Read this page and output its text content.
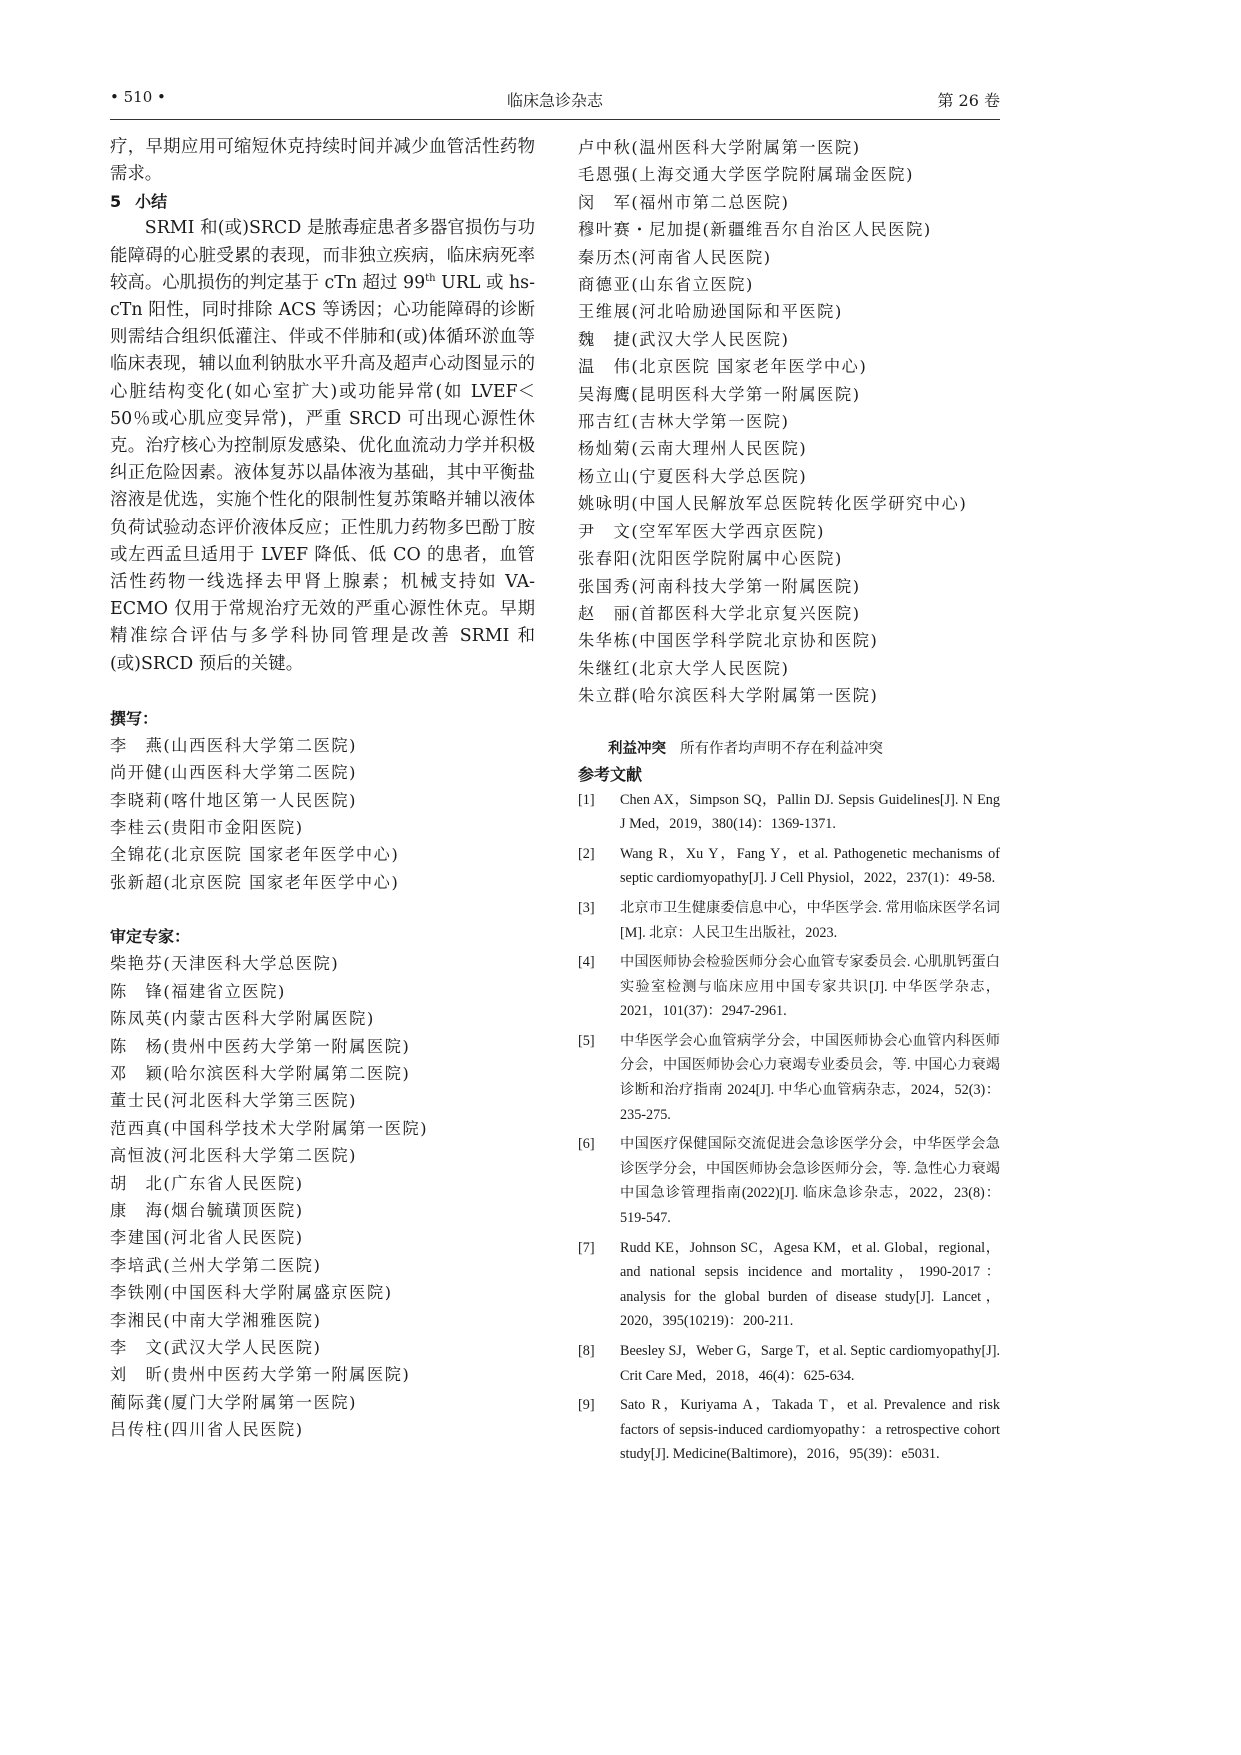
• 510 •	临床急诊杂志	第 26 卷

疗，早期应用可缩短休克持续时间并减少血管活性药物需求。

5 小结

SRMI 和(或)SRCD 是脓毒症患者多器官损伤与功能障碍的心脏受累的表现，而非独立疾病，临床病死率较高。心肌损伤的判定基于 cTn 超过 99th URL 或 hs-cTn 阳性，同时排除 ACS 等诱因；心功能障碍的诊断则需结合组织低灌注、伴或不伴肺和(或)体循环淤血等临床表现，辅以血利钠肽水平升高及超声心动图显示的心脏结构变化(如心室扩大)或功能异常(如 LVEF＜50％或心肌应变异常)，严重 SRCD 可出现心源性休克。治疗核心为控制原发感染、优化血流动力学并积极纠正危险因素。液体复苏以晶体液为基础，其中平衡盐溶液是优选，实施个性化的限制性复苏策略并辅以液体负荷试验动态评价液体反应；正性肌力药物多巴酚丁胺或左西孟旦适用于 LVEF 降低、低 CO 的患者，血管活性药物一线选择去甲肾上腺素；机械支持如 VA-ECMO 仅用于常规治疗无效的严重心源性休克。早期精准综合评估与多学科协同管理是改善 SRMI 和(或)SRCD 预后的关键。

撰写：
李　燕(山西医科大学第二医院)
尚开健(山西医科大学第二医院)
李晓莉(喀什地区第一人民医院)
李桂云(贵阳市金阳医院)
全锦花(北京医院 国家老年医学中心)
张新超(北京医院 国家老年医学中心)
审定专家：
柴艳芬(天津医科大学总医院)
陈　锋(福建省立医院)
陈凤英(内蒙古医科大学附属医院)
陈　杨(贵州中医药大学第一附属医院)
邓　颖(哈尔滨医科大学附属第二医院)
董士民(河北医科大学第三医院)
范西真(中国科学技术大学附属第一医院)
高恒波(河北医科大学第二医院)
胡　北(广东省人民医院)
康　海(烟台毓璜顶医院)
李建国(河北省人民医院)
李培武(兰州大学第二医院)
李铁刚(中国医科大学附属盛京医院)
李湘民(中南大学湘雅医院)
李　文(武汉大学人民医院)
刘　昕(贵州中医药大学第一附属医院)
蔺际龚(厦门大学附属第一医院)
吕传柱(四川省人民医院)
卢中秋(温州医科大学附属第一医院)
毛恩强(上海交通大学医学院附属瑞金医院)
闵　军(福州市第二总医院)
穆叶赛・尼加提(新疆维吾尔自治区人民医院)
秦历杰(河南省人民医院)
商德亚(山东省立医院)
王维展(河北哈励逊国际和平医院)
魏　捷(武汉大学人民医院)
温　伟(北京医院 国家老年医学中心)
吴海鹰(昆明医科大学第一附属医院)
邢吉红(吉林大学第一医院)
杨灿菊(云南大理州人民医院)
杨立山(宁夏医科大学总医院)
姚咏明(中国人民解放军总医院转化医学研究中心)
尹　文(空军军医大学西京医院)
张春阳(沈阳医学院附属中心医院)
张国秀(河南科技大学第一附属医院)
赵　丽(首都医科大学北京复兴医院)
朱华栋(中国医学科学院北京协和医院)
朱继红(北京大学人民医院)
朱立群(哈尔滨医科大学附属第一医院)

利益冲突 所有作者均声明不存在利益冲突

参考文献
[1] Chen AX，Simpson SQ，Pallin DJ. Sepsis Guidelines[J]. N Eng J Med，2019，380(14)：1369-1371.
[2] Wang R，Xu Y，Fang Y，et al. Pathogenetic mechanisms of septic cardiomyopathy[J]. J Cell Physiol，2022，237(1)：49-58.
[3] 北京市卫生健康委信息中心，中华医学会. 常用临床医学名词[M]. 北京：人民卫生出版社，2023.
[4] 中国医师协会检验医师分会心血管专家委员会. 心肌肌钙蛋白实验室检测与临床应用中国专家共识[J]. 中华医学杂志，2021，101(37)：2947-2961.
[5] 中华医学会心血管病学分会，中国医师协会心血管内科医师分会，中国医师协会心力衰竭专业委员会，等. 中国心力衰竭诊断和治疗指南 2024[J]. 中华心血管病杂志，2024，52(3)：235-275.
[6] 中国医疗保健国际交流促进会急诊医学分会，中华医学会急诊医学分会，中国医师协会急诊医师分会，等. 急性心力衰竭中国急诊管理指南(2022)[J]. 临床急诊杂志，2022，23(8)：519-547.
[7] Rudd KE，Johnson SC，Agesa KM，et al. Global，regional，and national sepsis incidence and mortality，1990-2017：analysis for the global burden of disease study[J]. Lancet，2020，395(10219)：200-211.
[8] Beesley SJ，Weber G，Sarge T，et al. Septic cardiomyopathy[J]. Crit Care Med，2018，46(4)：625-634.
[9] Sato R，Kuriyama A，Takada T，et al. Prevalence and risk factors of sepsis-induced cardiomyopathy：a retrospective cohort study[J]. Medicine(Baltimore)，2016，95(39)：e5031.
